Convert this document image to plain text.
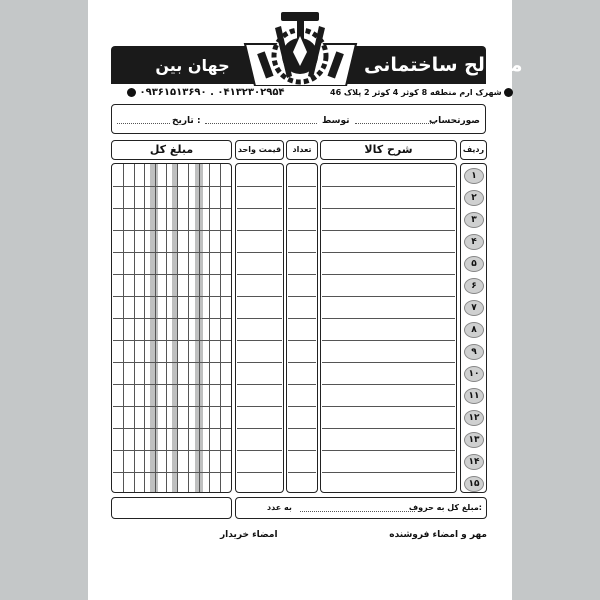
مصالح ساختمانی
جهان بین
۰۹۳۶۱۵۱۳۶۹۰ . ۰۴۱۳۲۳۰۲۹۵۴	شهرک ارم منطقه 8 کوثر 4 کوثر 2 پلاک 46
صورتحساب
توسط
تاریخ :
ردیف
شرح کالا
تعداد
قیمت واحد
مبلغ کل
۱
۲
۳
۴
۵
۶
۷
۸
۹
۱۰
۱۱
۱۲
۱۳
۱۴
۱۵
مبلغ کل به حروف:
به عدد
مهر و امضاء فروشنده
امضاء خریدار
